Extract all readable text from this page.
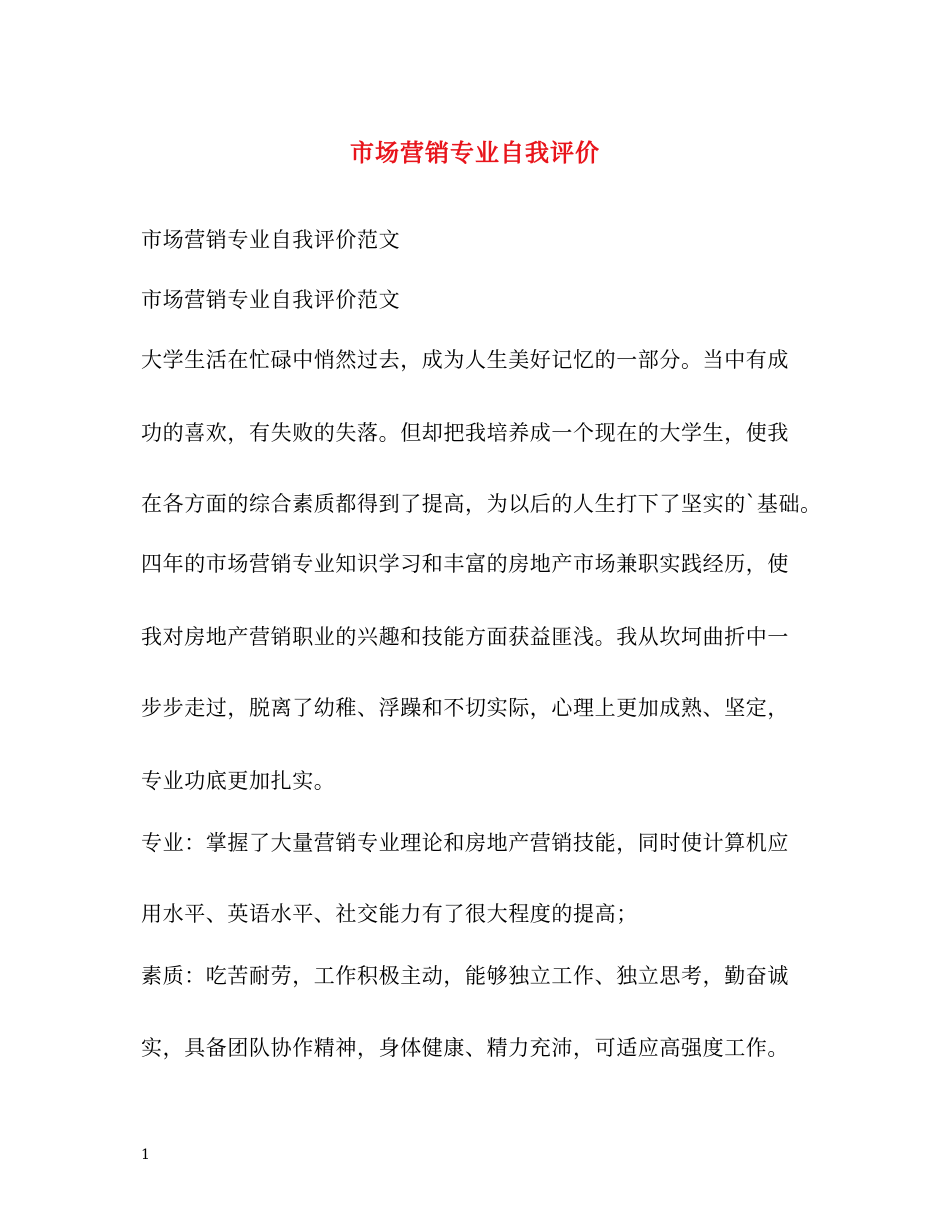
市场营销专业自我评价
市场营销专业自我评价范文
市场营销专业自我评价范文
大学生活在忙碌中悄然过去，成为人生美好记忆的一部分。当中有成
功的喜欢，有失败的失落。但却把我培养成一个现在的大学生，使我
在各方面的综合素质都得到了提高，为以后的人生打下了坚实的`基础。
四年的市场营销专业知识学习和丰富的房地产市场兼职实践经历，使
我对房地产营销职业的兴趣和技能方面获益匪浅。我从坎坷曲折中一
步步走过，脱离了幼稚、浮躁和不切实际，心理上更加成熟、坚定，
专业功底更加扎实。
专业：掌握了大量营销专业理论和房地产营销技能，同时使计算机应
用水平、英语水平、社交能力有了很大程度的提高；
素质：吃苦耐劳，工作积极主动，能够独立工作、独立思考，勤奋诚
实，具备团队协作精神，身体健康、精力充沛，可适应高强度工作。
1
